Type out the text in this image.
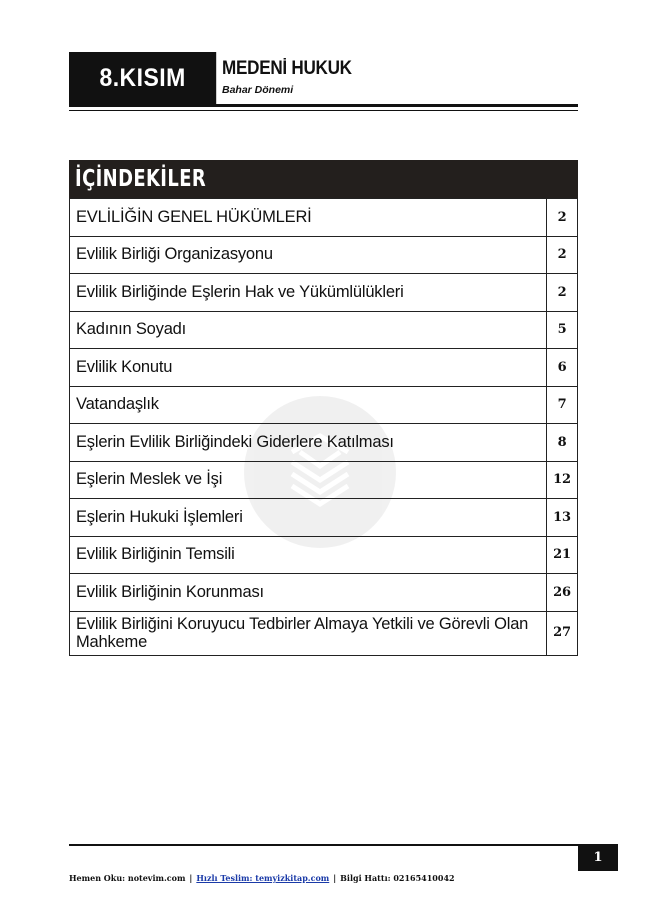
8.KISIM	MEDENİ HUKUK
Bahar Dönemi
İÇİNDEKİLER
EVLİLİĞİN GENEL HÜKÜMLERİ	2
Evlilik Birliği Organizasyonu	2
Evlilik Birliğinde Eşlerin Hak ve Yükümlülükleri	2
Kadının Soyadı	5
Evlilik Konutu	6
Vatandaşlık	7
Eşlerin Evlilik Birliğindeki Giderlere Katılması	8
Eşlerin Meslek ve İşi	12
Eşlerin Hukuki İşlemleri	13
Evlilik Birliğinin Temsili	21
Evlilik Birliğinin Korunması	26
Evlilik Birliğini Koruyucu Tedbirler Almaya Yetkili ve Görevli Olan Mahkeme	27
1
Hemen Oku: notevim.com | Hızlı Teslim: temyizkitap.com | Bilgi Hattı: 02165410042
